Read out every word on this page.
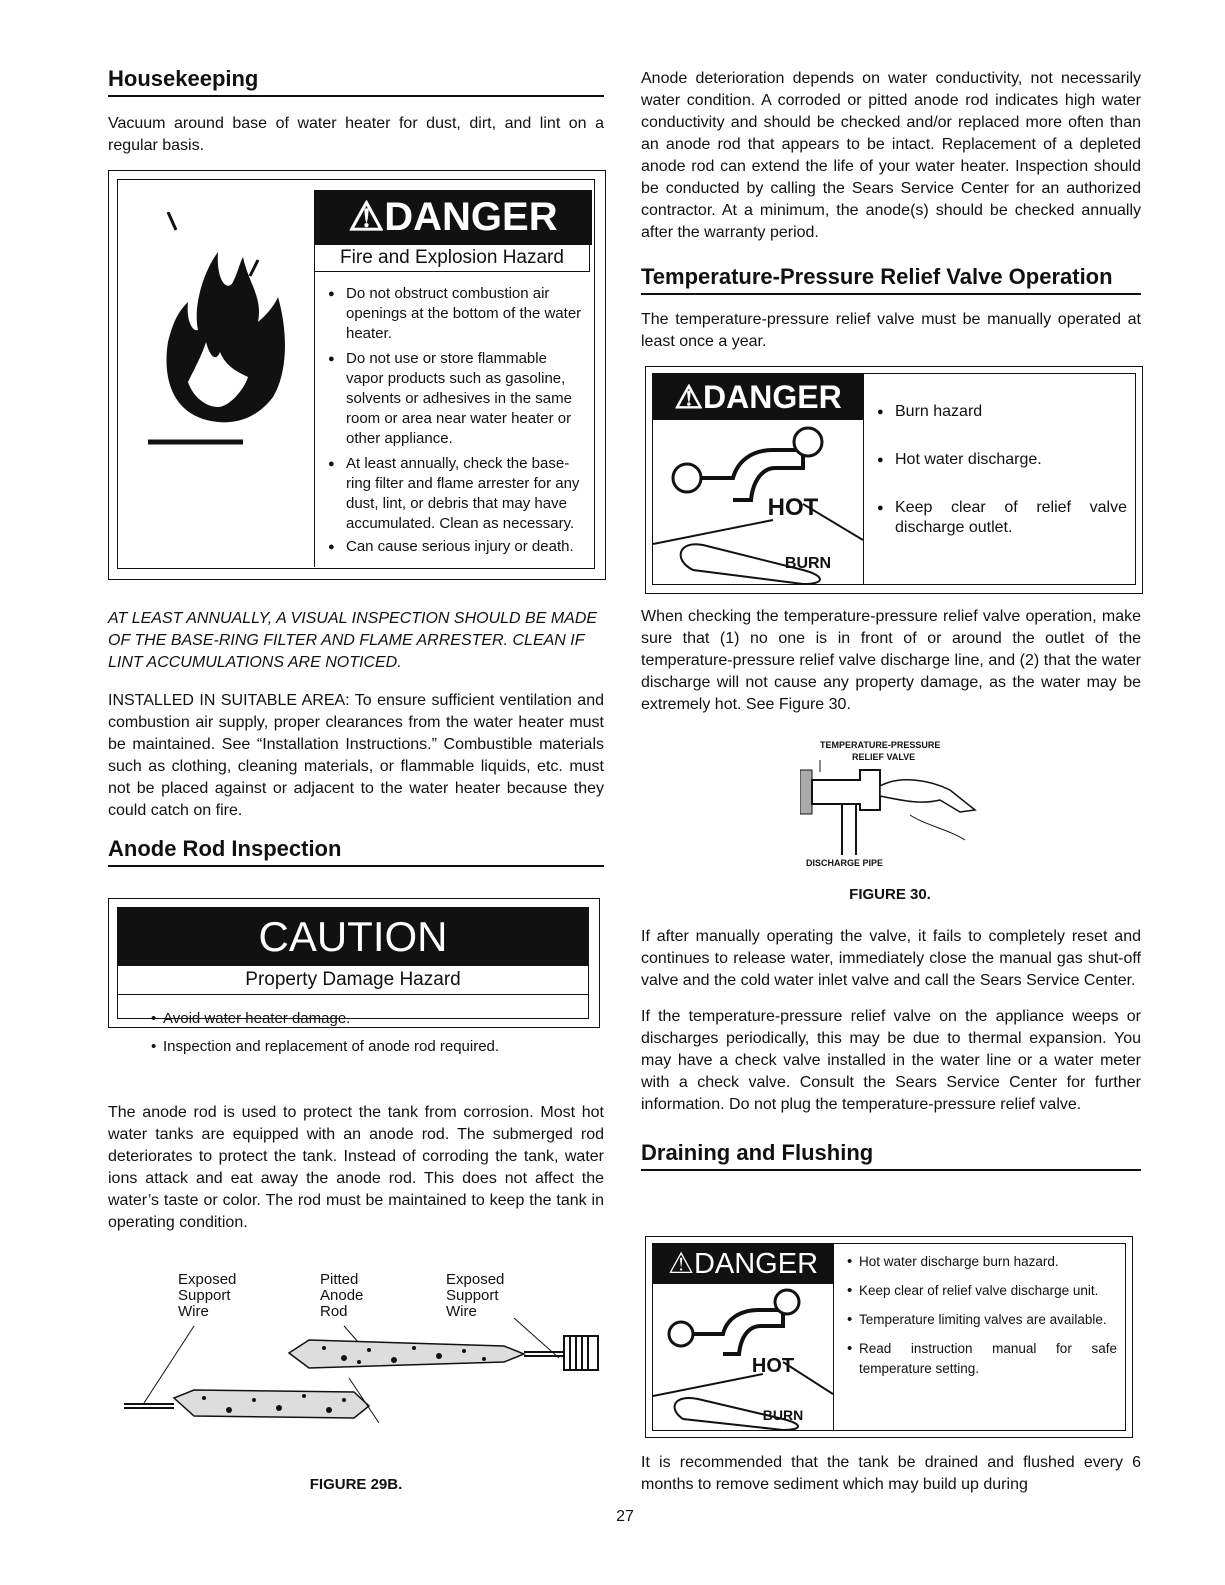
Housekeeping

Vacuum around base of water heater for dust, dirt, and lint on a regular basis.

⚠DANGER
Fire and Explosion Hazard
● Do not obstruct combustion air openings at the bottom of the water heater.
● Do not use or store flammable vapor products such as gasoline, solvents or adhesives in the same room or area near water heater or other appliance.
● At least annually, check the base-ring filter and flame arrester for any dust, lint, or debris that may have accumulated. Clean as necessary.
● Can cause serious injury or death.

AT LEAST ANNUALLY, A VISUAL INSPECTION SHOULD BE MADE OF THE BASE-RING FILTER AND FLAME ARRESTER. CLEAN IF LINT ACCUMULATIONS ARE NOTICED.

INSTALLED IN SUITABLE AREA: To ensure sufficient ventilation and combustion air supply, proper clearances from the water heater must be maintained. See “Installation Instructions.” Combustible materials such as clothing, cleaning materials, or flammable liquids, etc. must not be placed against or adjacent to the water heater because they could catch on fire.

Anode Rod Inspection
CAUTION
Property Damage Hazard
• Avoid water heater damage.
• Inspection and replacement of anode rod required.

The anode rod is used to protect the tank from corrosion. Most hot water tanks are equipped with an anode rod. The submerged rod deteriorates to protect the tank. Instead of corroding the tank, water ions attack and eat away the anode rod. This does not affect the water’s taste or color. The rod must be maintained to keep the tank in operating condition.

Exposed Support Wire
Pitted Anode Rod
Exposed Support Wire
FIGURE 29B.

Anode deterioration depends on water conductivity, not necessarily water condition. A corroded or pitted anode rod indicates high water conductivity and should be checked and/or replaced more often than an anode rod that appears to be intact. Replacement of a depleted anode rod can extend the life of your water heater. Inspection should be conducted by calling the Sears Service Center for an authorized contractor. At a minimum, the anode(s) should be checked annually after the warranty period.

Temperature-Pressure Relief Valve Operation

The temperature-pressure relief valve must be manually operated at least once a year.

⚠DANGER
HOT
BURN
● Burn hazard
● Hot water discharge.
● Keep clear of relief valve discharge outlet.

When checking the temperature-pressure relief valve operation, make sure that (1) no one is in front of or around the outlet of the temperature-pressure relief valve discharge line, and (2) that the water discharge will not cause any property damage, as the water may be extremely hot. See Figure 30.

TEMPERATURE-PRESSURE
RELIEF VALVE
DISCHARGE PIPE
FIGURE 30.

If after manually operating the valve, it fails to completely reset and continues to release water, immediately close the manual gas shut-off valve and the cold water inlet valve and call the Sears Service Center.

If the temperature-pressure relief valve on the appliance weeps or discharges periodically, this may be due to thermal expansion. You may have a check valve installed in the water line or a water meter with a check valve. Consult the Sears Service Center for further information. Do not plug the temperature-pressure relief valve.

Draining and Flushing
⚠DANGER
HOT
BURN
• Hot water discharge burn hazard.
• Keep clear of relief valve discharge unit.
• Temperature limiting valves are available.
• Read instruction manual for safe temperature setting.

It is recommended that the tank be drained and flushed every 6 months to remove sediment which may build up during

27
